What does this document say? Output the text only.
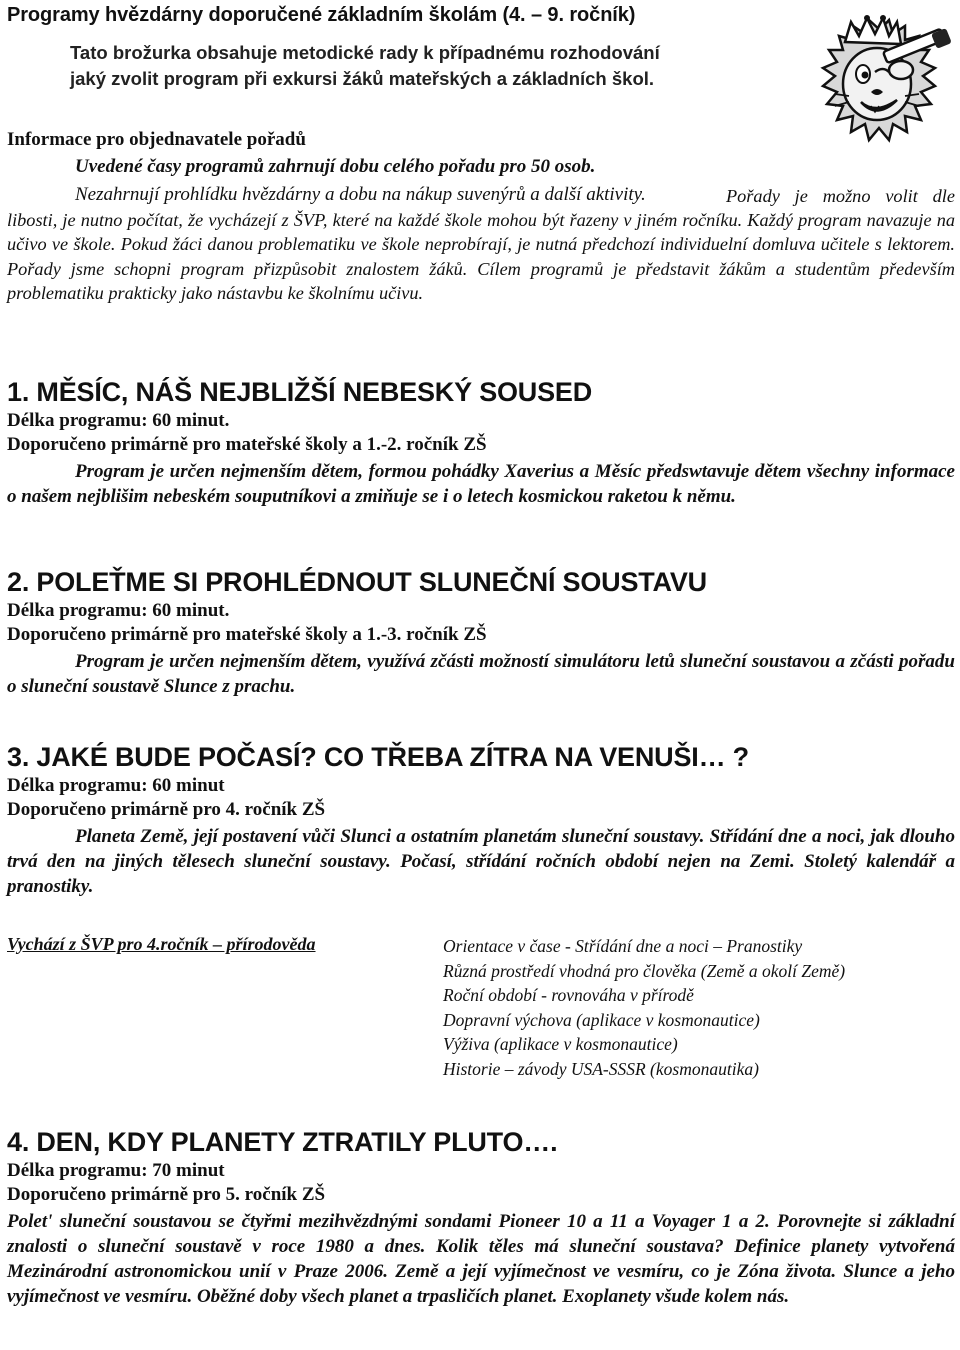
Programy hvězdárny doporučené základním školám (4. – 9. ročník)
Tato brožurka obsahuje metodické rady k případnému rozhodování
jaký zvolit program při exkursi žáků mateřských a základních škol.
Informace pro objednavatele pořadů
Uvedené časy programů zahrnují dobu celého pořadu pro 50 osob.
Nezahrnují prohlídku hvězdárny a dobu na nákup suvenýrů a další aktivity.	Pořady je možno volit dle libosti, je nutno počítat, že vycházejí z ŠVP, které na každé škole mohou být řazeny v jiném ročníku. Každý program navazuje na učivo ve škole. Pokud žáci danou problematiku ve škole neprobírají, je nutná předchozí individuelní domluva učitele s lektorem. Pořady jsme schopni program přizpůsobit znalostem žáků. Cílem programů je představit žákům a studentům především problematiku prakticky jako nástavbu ke školnímu učivu.
1. MĚSÍC, NÁŠ NEJBLIŽŠÍ NEBESKÝ SOUSED
Délka programu: 60 minut.
Doporučeno primárně pro mateřské školy a 1.-2. ročník ZŠ

Program je určen nejmenším dětem, formou pohádky Xaverius a Měsíc předswtavuje dětem všechny informace o našem nejblišim nebeském souputníkovi a zmiňuje se i o letech kosmickou raketou k němu.

2. POLEŤME SI PROHLÉDNOUT SLUNEČNÍ SOUSTAVU
Délka programu: 60 minut.
Doporučeno primárně pro mateřské školy a 1.-3. ročník ZŠ

Program je určen nejmenším dětem, využívá zčásti možností simulátoru letů sluneční soustavou a zčásti pořadu o sluneční soustavě Slunce z prachu.

3. JAKÉ BUDE POČASÍ? CO TŘEBA ZÍTRA NA VENUŠI… ?
Délka programu: 60 minut
Doporučeno primárně pro 4. ročník ZŠ

Planeta Země, její postavení vůči Slunci a ostatním planetám sluneční soustavy. Střídání dne a noci, jak dlouho trvá den na jiných tělesech sluneční soustavy. Počasí, střídání ročních období nejen na Zemi. Stoletý kalendář a pranostiky.

Vychází z ŠVP pro 4.ročník – přírodověda	Orientace v čase - Střídání dne a noci – Pranostiky
Různá prostředí vhodná pro člověka (Země a okolí Země)
Roční období - rovnováha v přírodě
Dopravní výchova (aplikace v kosmonautice)
Výživa (aplikace v kosmonautice)
Historie – závody USA-SSSR (kosmonautika)
4. DEN, KDY PLANETY ZTRATILY PLUTO….
Délka programu: 70 minut
Doporučeno primárně pro 5. ročník ZŠ

Polet' sluneční soustavou se čtyřmi mezihvězdnými sondami Pioneer 10 a 11 a Voyager 1 a 2. Porovnejte si základní znalosti o sluneční soustavě v roce 1980 a dnes. Kolik těles má sluneční soustava? Definice planety vytvořená Mezinárodní astronomickou unií v Praze 2006. Země a její vyjímečnost ve vesmíru, co je Zóna života. Slunce a jeho vyjímečnost ve vesmíru. Oběžné doby všech planet a trpasličích planet. Exoplanety všude kolem nás.
